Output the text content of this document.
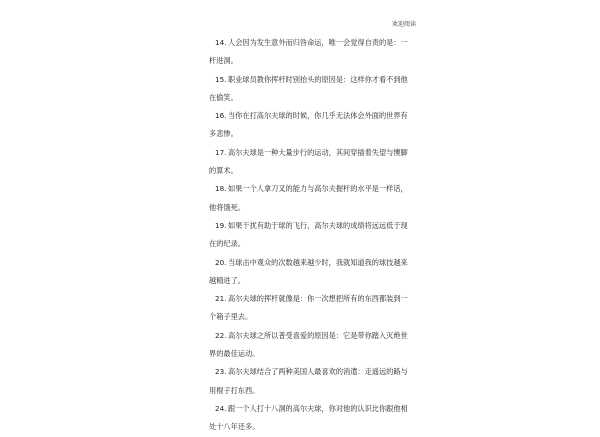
欢迎阅读
14. 人会因为发生意外而归咎命运，唯一会觉得自责的是：一
杆进洞。
15. 职业球员教你挥杆时别抬头的原因是：这样你才看不到他
在偷笑。
16. 当你在打高尔夫球的时候，你几乎无法体会外面的世界有
多悲惨。
17. 高尔夫球是一种大量步行的运动，其间穿插着失望与懊脚
的算术。
18. 如果一个人拿刀叉的能力与高尔夫握杆的水平是一样话，
他将饿死。
19. 如果干扰有助于球的飞行，高尔夫球的成绩将远远低于现
在的纪录。
20. 当球击中观众的次数越来越少时，我就知道我的球技越来
越精进了。
21. 高尔夫球的挥杆就像是：你一次想把所有的东西都装到一
个箱子里去。
22. 高尔夫球之所以普受喜爱的原因是：它是带你踏入灭绝世
界的最佳运动。
23. 高尔夫球结合了两种美国人最喜欢的消遣：走遥远的路与
用棍子打东西。
24. 跟一个人打十八洞的高尔夫球，你对他的认识比你跟他相
处十八年还多。
